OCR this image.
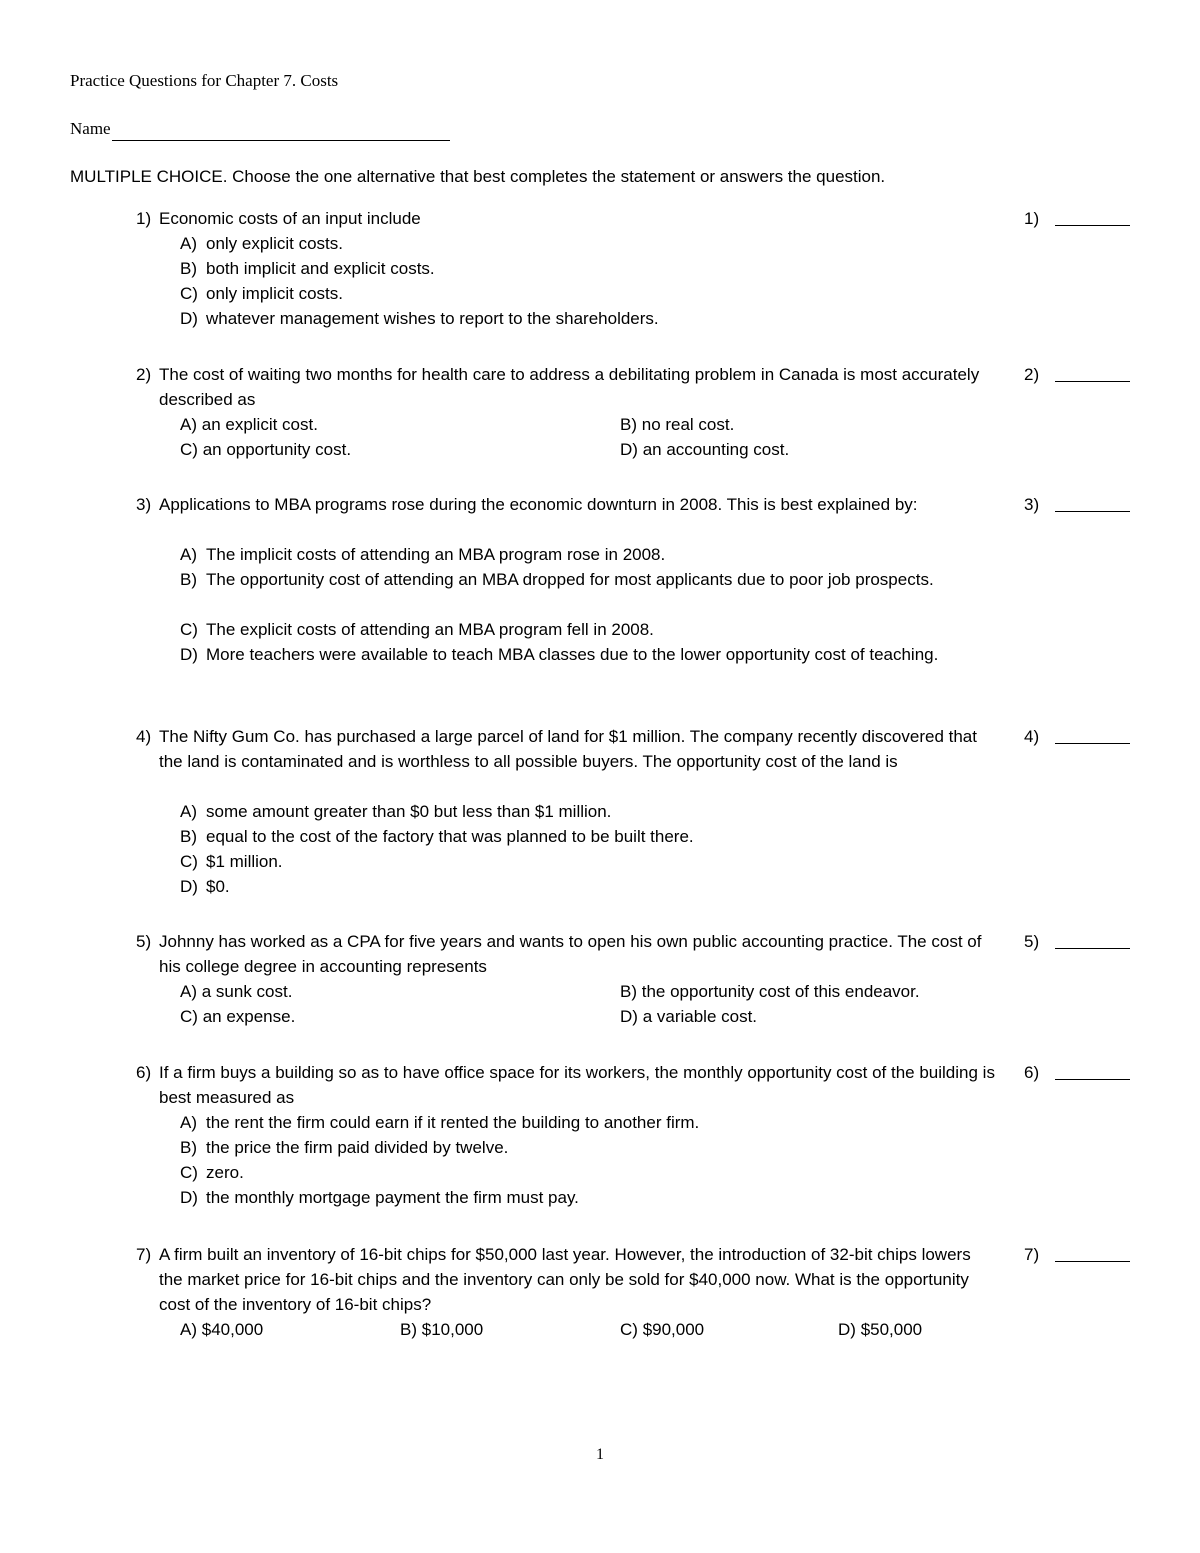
Practice Questions for Chapter 7. Costs
Name
MULTIPLE CHOICE. Choose the one alternative that best completes the statement or answers the question.
1) Economic costs of an input include	1)
A) only explicit costs.
B) both implicit and explicit costs.
C) only implicit costs.
D) whatever management wishes to report to the shareholders.
2) The cost of waiting two months for health care to address a debilitating problem in Canada is most accurately described as
2)
A) an explicit cost.	B) no real cost.
C) an opportunity cost.	D) an accounting cost.
3) Applications to MBA programs rose during the economic downturn in 2008. This is best explained by:	3)
A) The implicit costs of attending an MBA program rose in 2008.
B) The opportunity cost of attending an MBA dropped for most applicants due to poor job prospects.
C) The explicit costs of attending an MBA program fell in 2008.
D) More teachers were available to teach MBA classes due to the lower opportunity cost of teaching.
4) The Nifty Gum Co. has purchased a large parcel of land for $1 million. The company recently discovered that the land is contaminated and is worthless to all possible buyers. The opportunity cost of the land is
4)
A) some amount greater than $0 but less than $1 million.
B) equal to the cost of the factory that was planned to be built there.
C) $1 million.
D) $0.
5) Johnny has worked as a CPA for five years and wants to open his own public accounting practice. The cost of his college degree in accounting represents
5)
A) a sunk cost.	B) the opportunity cost of this endeavor.
C) an expense.	D) a variable cost.
6) If a firm buys a building so as to have office space for its workers, the monthly opportunity cost of the building is best measured as
6)
A) the rent the firm could earn if it rented the building to another firm.
B) the price the firm paid divided by twelve.
C) zero.
D) the monthly mortgage payment the firm must pay.
7) A firm built an inventory of 16-bit chips for $50,000 last year. However, the introduction of 32-bit chips lowers the market price for 16-bit chips and the inventory can only be sold for $40,000 now. What is the opportunity cost of the inventory of 16-bit chips?
7)
A) $40,000	B) $10,000	C) $90,000	D) $50,000
1
